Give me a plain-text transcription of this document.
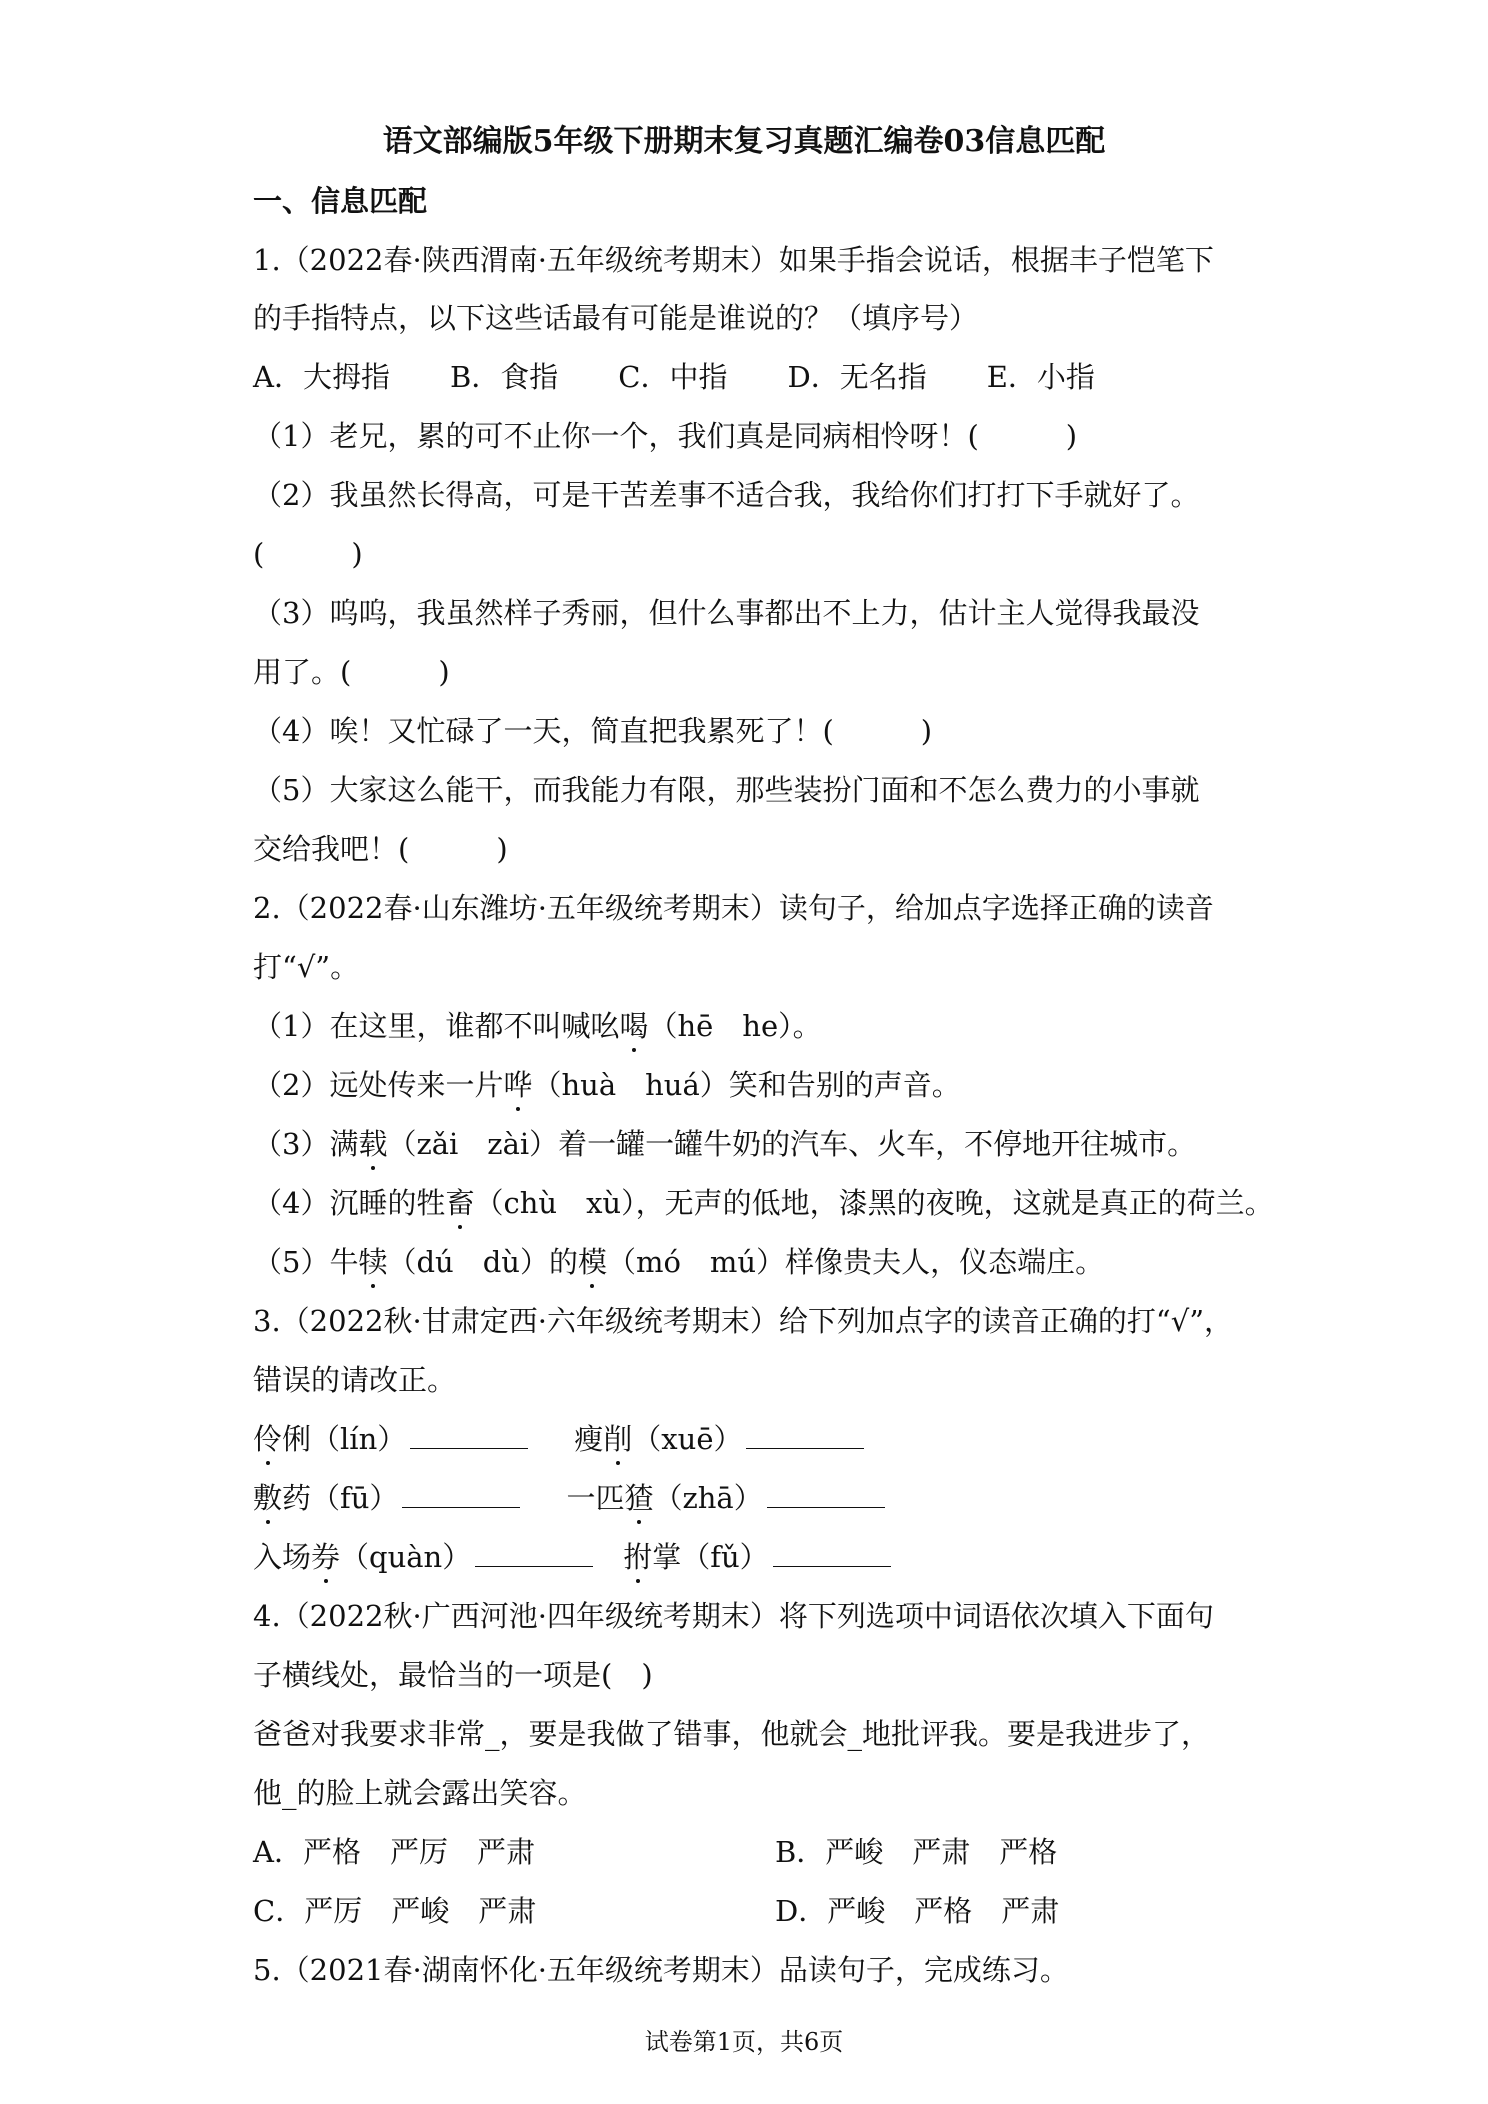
语文部编版5年级下册期末复习真题汇编卷03信息匹配
一、信息匹配
1.（2022春·陕西渭南·五年级统考期末）如果手指会说话，根据丰子恺笔下
的手指特点，以下这些话最有可能是谁说的？（填序号）
A．大拇指 B．食指 C．中指 D．无名指 E．小指
（1）老兄，累的可不止你一个，我们真是同病相怜呀！(　　　)
（2）我虽然长得高，可是干苦差事不适合我，我给你们打打下手就好了。
(　　　)
（3）呜呜，我虽然样子秀丽，但什么事都出不上力，估计主人觉得我最没
用了。(　　　)
（4）唉！又忙碌了一天，简直把我累死了！(　　　)
（5）大家这么能干，而我能力有限，那些装扮门面和不怎么费力的小事就
交给我吧！(　　　)
2.（2022春·山东潍坊·五年级统考期末）读句子，给加点字选择正确的读音
打“√”。
（1）在这里，谁都不叫喊吆喝（hē　he）。
（2）远处传来一片哗（huà　huá）笑和告别的声音。
（3）满载（zǎi　zài）着一罐一罐牛奶的汽车、火车，不停地开往城市。
（4）沉睡的牲畜（chù　xù），无声的低地，漆黑的夜晚，这就是真正的荷兰。
（5）牛犊（dú　dù）的模（mó　mú）样像贵夫人，仪态端庄。
3.（2022秋·甘肃定西·六年级统考期末）给下列加点字的读音正确的打“√”，
错误的请改正。
伶俐（lín）	瘦削（xuē）
敷药（fū）	一匹猹（zhā）
入场券（quàn）	拊掌（fǔ）
4.（2022秋·广西河池·四年级统考期末）将下列选项中词语依次填入下面句
子横线处，最恰当的一项是(　)
爸爸对我要求非常_，要是我做了错事，他就会_地批评我。要是我进步了，
他_的脸上就会露出笑容。
A．严格　严厉　严肃	B．严峻　严肃　严格
C．严厉　严峻　严肃	D．严峻　严格　严肃
5.（2021春·湖南怀化·五年级统考期末）品读句子，完成练习。
试卷第1页，共6页
